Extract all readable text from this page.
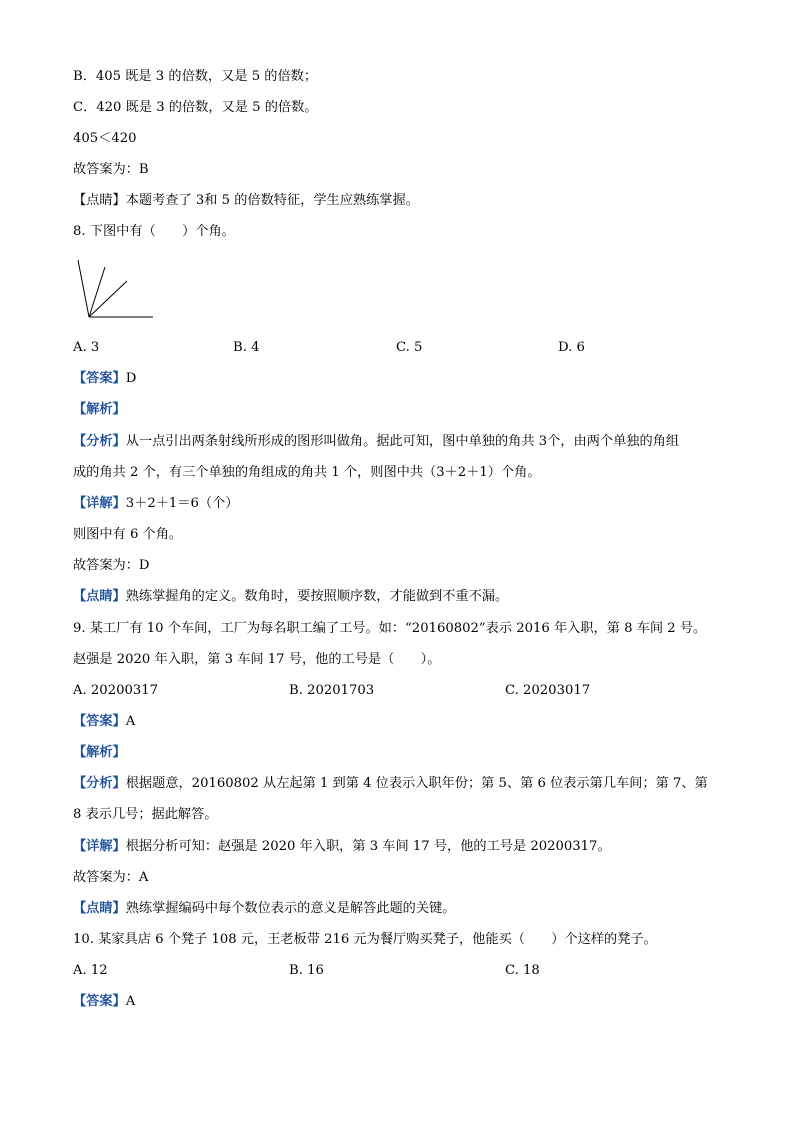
B．405 既是 3 的倍数，又是 5 的倍数；
C．420 既是 3 的倍数，又是 5 的倍数。
405＜420
故答案为：B
【点睛】本题考查了 3和 5 的倍数特征，学生应熟练掌握。
8. 下图中有（　　）个角。
A. 3	B. 4	C. 5	D. 6
【答案】D
【解析】
【分析】从一点引出两条射线所形成的图形叫做角。据此可知，图中单独的角共 3个，由两个单独的角组
成的角共 2 个，有三个单独的角组成的角共 1 个，则图中共（3＋2＋1）个角。
【详解】3＋2＋1＝6（个）
则图中有 6 个角。
故答案为：D
【点睛】熟练掌握角的定义。数角时，要按照顺序数，才能做到不重不漏。
9. 某工厂有 10 个车间，工厂为每名职工编了工号。如：“20160802”表示 2016 年入职，第 8 车间 2 号。
赵强是 2020 年入职，第 3 车间 17 号，他的工号是（　　）。
A. 20200317	B. 20201703	C. 20203017
【答案】A
【解析】
【分析】根据题意，20160802 从左起第 1 到第 4 位表示入职年份；第 5、第 6 位表示第几车间；第 7、第
8 表示几号；据此解答。
【详解】根据分析可知：赵强是 2020 年入职，第 3 车间 17 号，他的工号是 20200317。
故答案为：A
【点睛】熟练掌握编码中每个数位表示的意义是解答此题的关键。
10. 某家具店 6 个凳子 108 元，王老板带 216 元为餐厅购买凳子，他能买（　　）个这样的凳子。
A. 12	B. 16	C. 18
【答案】A
